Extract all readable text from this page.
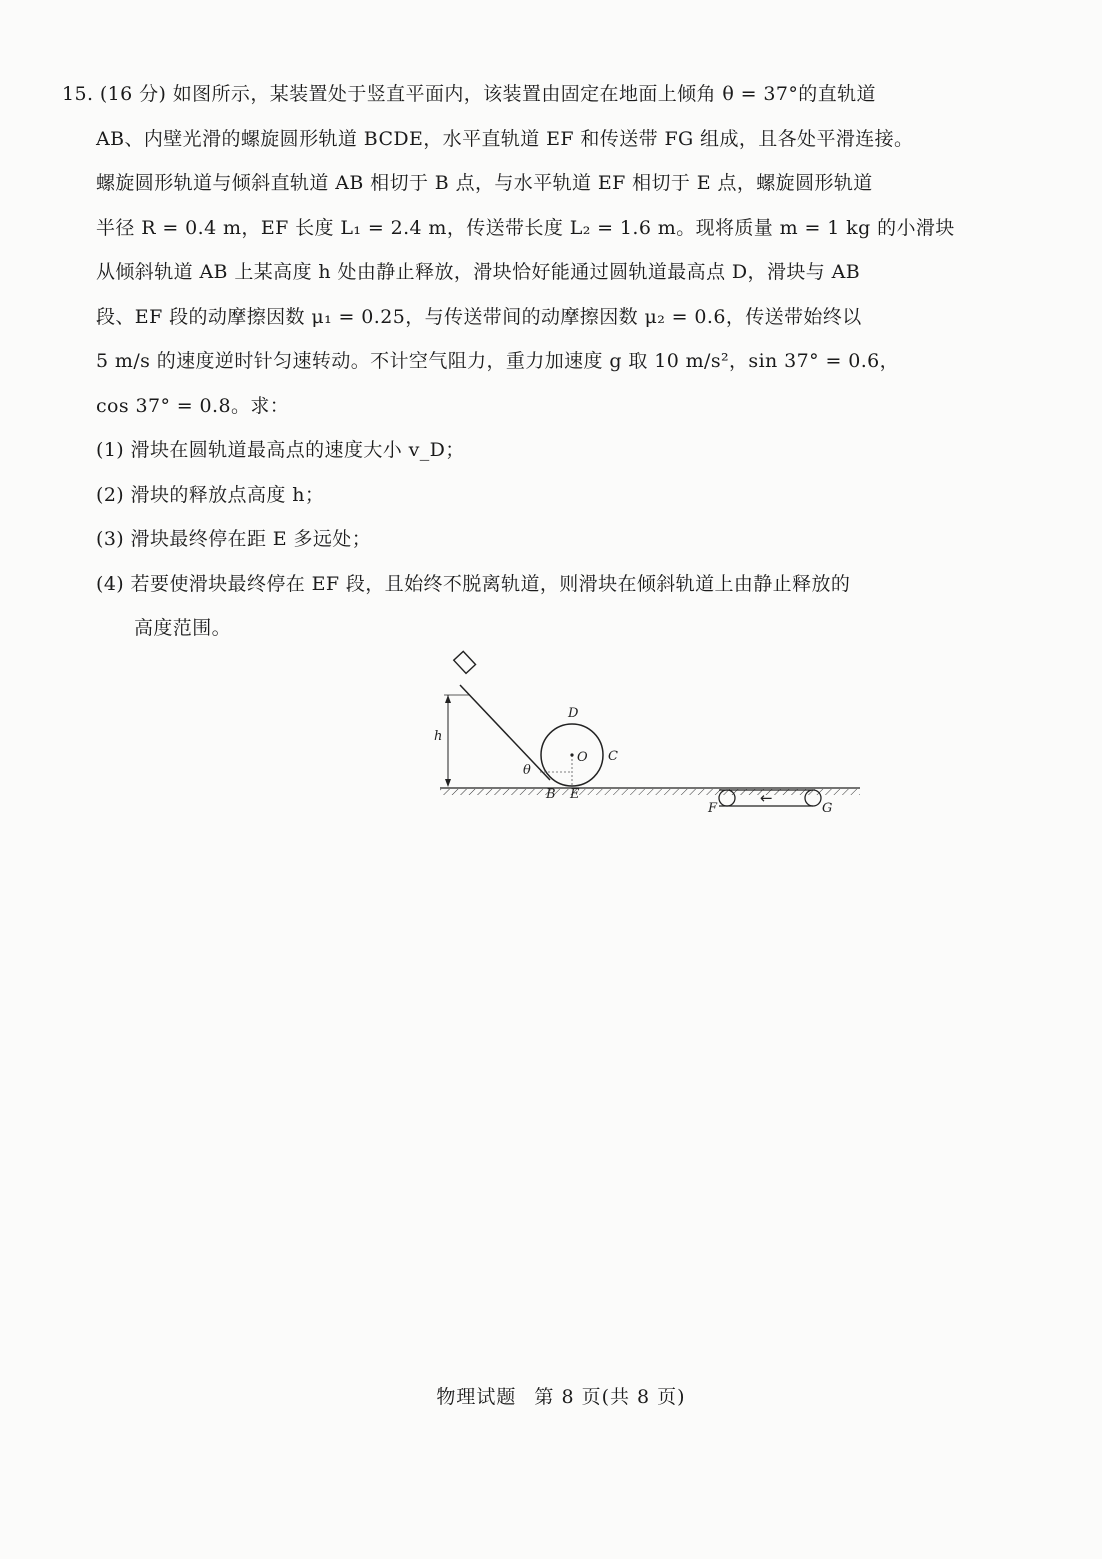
15. (16 分) 如图所示，某装置处于竖直平面内，该装置由固定在地面上倾角 θ = 37°的直轨道
AB、内壁光滑的螺旋圆形轨道 BCDE，水平直轨道 EF 和传送带 FG 组成，且各处平滑连接。
螺旋圆形轨道与倾斜直轨道 AB 相切于 B 点，与水平轨道 EF 相切于 E 点，螺旋圆形轨道
半径 R = 0.4 m，EF 长度 L₁ = 2.4 m，传送带长度 L₂ = 1.6 m。现将质量 m = 1 kg 的小滑块
从倾斜轨道 AB 上某高度 h 处由静止释放，滑块恰好能通过圆轨道最高点 D，滑块与 AB
段、EF 段的动摩擦因数 μ₁ = 0.25，与传送带间的动摩擦因数 μ₂ = 0.6，传送带始终以
5 m/s 的速度逆时针匀速转动。不计空气阻力，重力加速度 g 取 10 m/s²，sin 37° = 0.6，
cos 37° = 0.8。求：
(1) 滑块在圆轨道最高点的速度大小 v_D；
(2) 滑块的释放点高度 h；
(3) 滑块最终停在距 E 多远处；
(4) 若要使滑块最终停在 EF 段，且始终不脱离轨道，则滑块在倾斜轨道上由静止释放的
高度范围。
h
D
C
O
θ
B E	←
F	G
物理试题 第 8 页(共 8 页)
